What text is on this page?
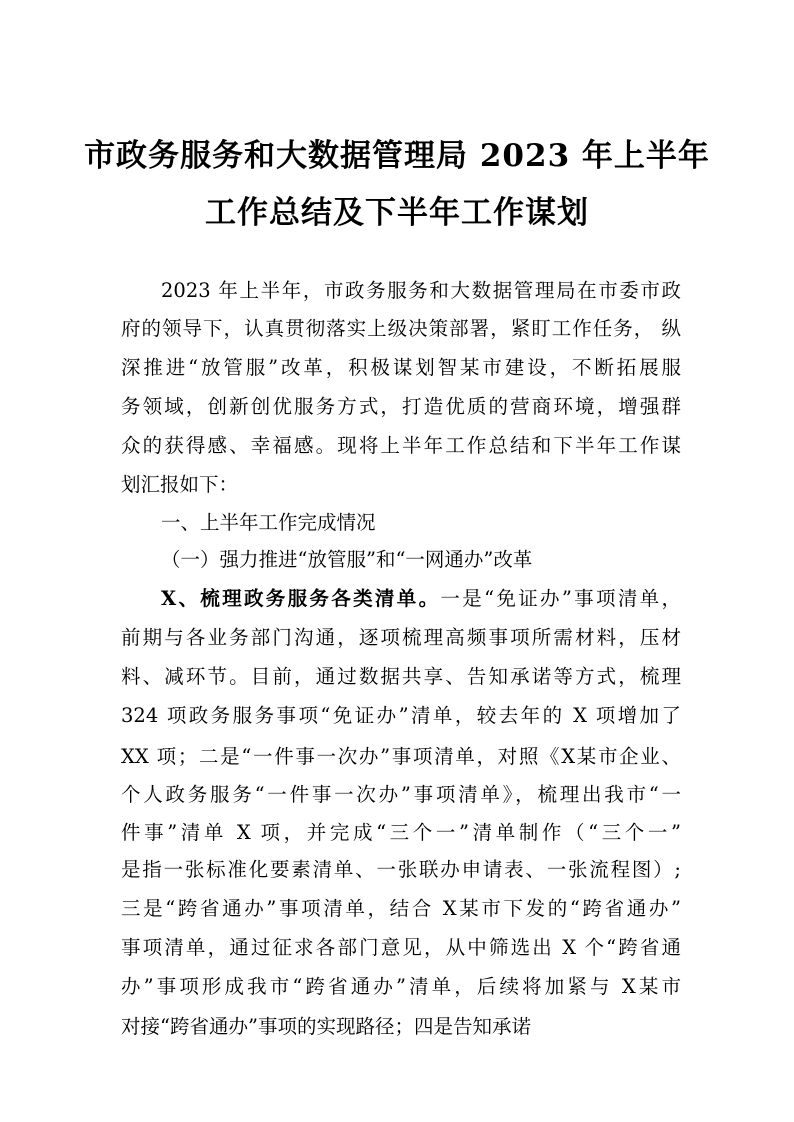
市政务服务和大数据管理局 2023 年上半年
工作总结及下半年工作谋划
2023 年上半年，市政务服务和大数据管理局在市委市政
府的领导下，认真贯彻落实上级决策部署，紧盯工作任务， 纵
深推进“放管服”改革，积极谋划智某市建设，不断拓展服
务领域，创新创优服务方式，打造优质的营商环境，增强群
众的获得感、幸福感。现将上半年工作总结和下半年工作谋
划汇报如下：
一、上半年工作完成情况
（一）强力推进“放管服”和“一网通办”改革
X、梳理政务服务各类清单。一是“免证办”事项清单，
前期与各业务部门沟通，逐项梳理高频事项所需材料，压材
料、减环节。目前，通过数据共享、告知承诺等方式，梳理
324 项政务服务事项“免证办”清单，较去年的 X 项增加了
XX 项；二是“一件事一次办”事项清单，对照《X某市企业、
个人政务服务“一件事一次办”事项清单》，梳理出我市“一
件事”清单 X 项，并完成“三个一”清单制作（“三个一”
是指一张标准化要素清单、一张联办申请表、一张流程图）;
三是“跨省通办”事项清单，结合 X某市下发的“跨省通办”
事项清单，通过征求各部门意见，从中筛选出 X 个“跨省通
办”事项形成我市“跨省通办”清单，后续将加紧与 X某市
对接“跨省通办”事项的实现路径；四是告知承诺
